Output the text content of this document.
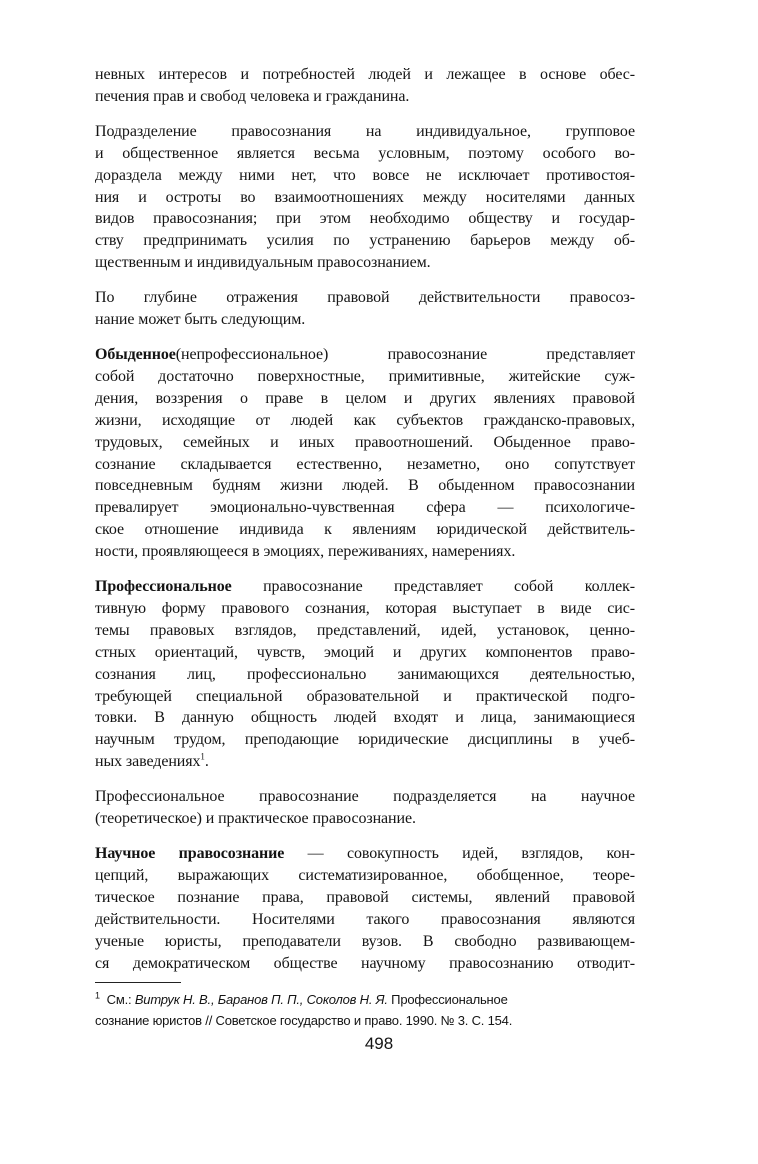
невных интересов и потребностей людей и лежащее в основе обес-
печения прав и свобод человека и гражданина.
Подразделение правосознания на индивидуальное, групповое
и общественное является весьма условным, поэтому особого во-
дораздела между ними нет, что вовсе не исключает противостоя-
ния и остроты во взаимоотношениях между носителями данных
видов правосознания; при этом необходимо обществу и государ-
ству предпринимать усилия по устранению барьеров между об-
щественным и индивидуальным правосознанием.
По глубине отражения правовой действительности правосоз-
нание может быть следующим.
Обыденное(непрофессиональное) правосознание представляет
собой достаточно поверхностные, примитивные, житейские суж-
дения, воззрения о праве в целом и других явлениях правовой
жизни, исходящие от людей как субъектов гражданско-правовых,
трудовых, семейных и иных правоотношений. Обыденное право-
сознание складывается естественно, незаметно, оно сопутствует
повседневным будням жизни людей. В обыденном правосознании
превалирует эмоционально-чувственная сфера — психологиче-
ское отношение индивида к явлениям юридической действитель-
ности, проявляющееся в эмоциях, переживаниях, намерениях.
Профессиональное правосознание представляет собой коллек-
тивную форму правового сознания, которая выступает в виде сис-
темы правовых взглядов, представлений, идей, установок, ценно-
стных ориентаций, чувств, эмоций и других компонентов право-
сознания лиц, профессионально занимающихся деятельностью,
требующей специальной образовательной и практической подго-
товки. В данную общность людей входят и лица, занимающиеся
научным трудом, преподающие юридические дисциплины в учеб-
ных заведениях$^1$.
Профессиональное правосознание подразделяется на научное
(теоретическое) и практическое правосознание.
Научное правосознание — совокупность идей, взглядов, кон-
цепций, выражающих систематизированное, обобщенное, теоре-
тическое познание права, правовой системы, явлений правовой
действительности. Носителями такого правосознания являются
ученые юристы, преподаватели вузов. В свободно развивающем-
ся демократическом обществе научному правосознанию отводит-
$^1$ См.: Витрук Н. В., Баранов П. П., Соколов Н. Я. Профессиональное
сознание юристов // Советское государство и право. 1990. № 3. С. 154.
498
